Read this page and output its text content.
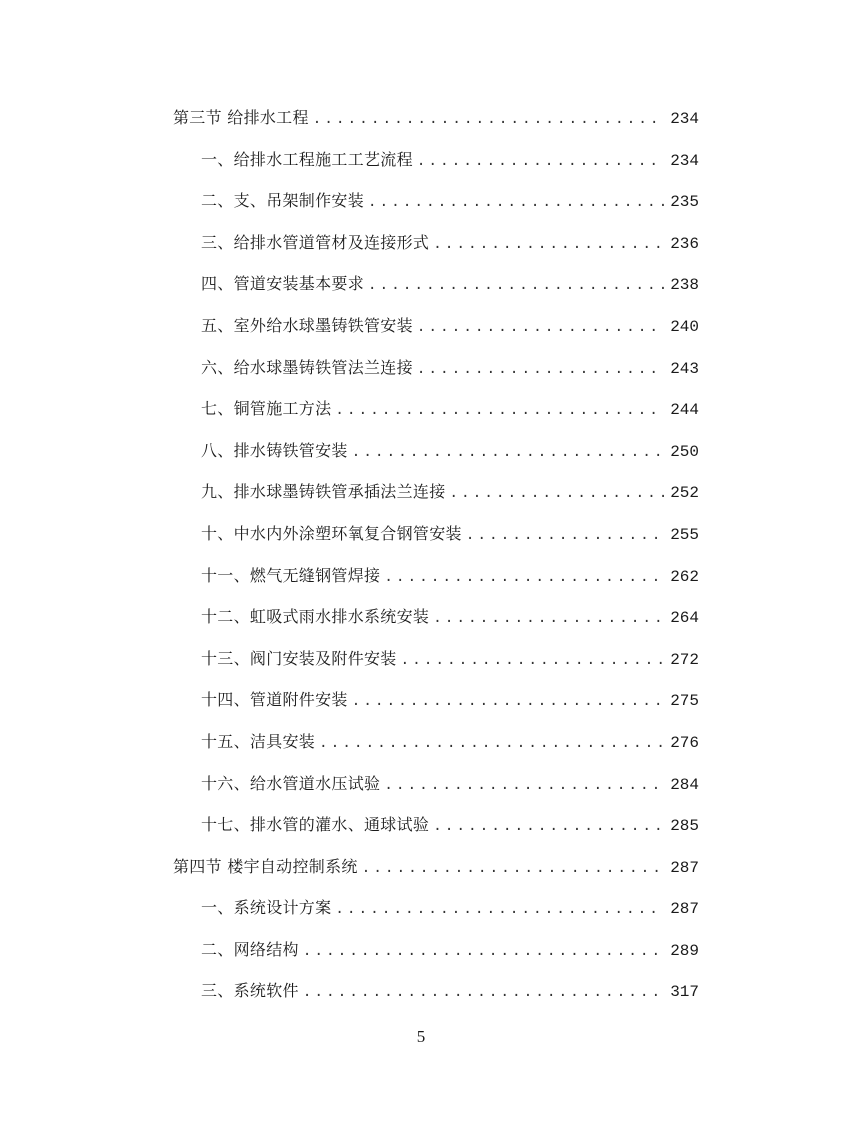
第三节 给排水工程 .....	234
一、给排水工程施工工艺流程 .....	234
二、支、吊架制作安装 .....	235
三、给排水管道管材及连接形式 .....	236
四、管道安装基本要求 .....	238
五、室外给水球墨铸铁管安装 .....	240
六、给水球墨铸铁管法兰连接 .....	243
七、铜管施工方法 .....	244
八、排水铸铁管安装 .....	250
九、排水球墨铸铁管承插法兰连接 .....	252
十、中水内外涂塑环氧复合钢管安装 .....	255
十一、燃气无缝钢管焊接 .....	262
十二、虹吸式雨水排水系统安装 .....	264
十三、阀门安装及附件安装 .....	272
十四、管道附件安装 .....	275
十五、洁具安装 .....	276
十六、给水管道水压试验 .....	284
十七、排水管的灌水、通球试验 .....	285
第四节 楼宇自动控制系统 .....	287
一、系统设计方案 .....	287
二、网络结构 .....	289
三、系统软件 .....	317
5
